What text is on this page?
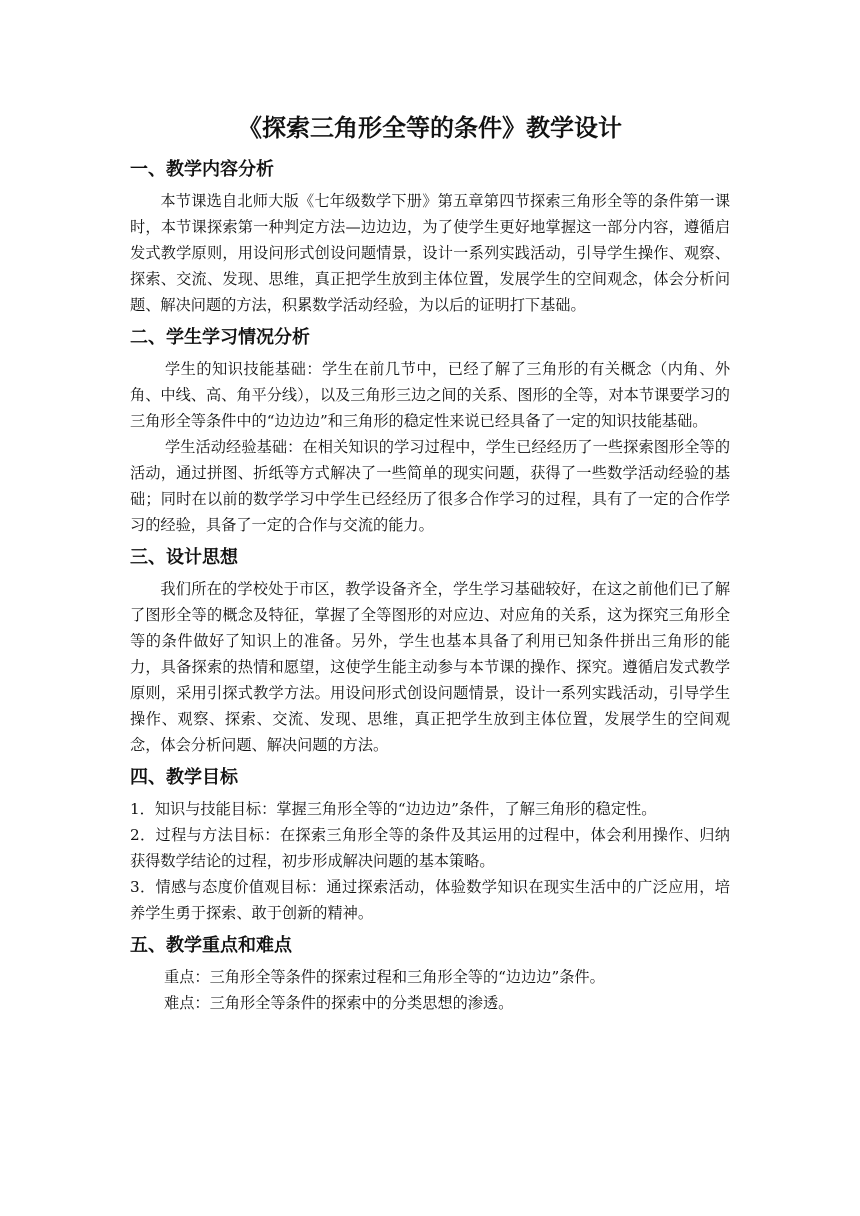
《探索三角形全等的条件》教学设计
一、教学内容分析

本节课选自北师大版《七年级数学下册》第五章第四节探索三角形全等的条件第一课时，本节课探索第一种判定方法—边边边，为了使学生更好地掌握这一部分内容，遵循启发式教学原则，用设问形式创设问题情景，设计一系列实践活动，引导学生操作、观察、探索、交流、发现、思维，真正把学生放到主体位置，发展学生的空间观念，体会分析问题、解决问题的方法，积累数学活动经验，为以后的证明打下基础。

二、学生学习情况分析

学生的知识技能基础：学生在前几节中，已经了解了三角形的有关概念（内角、外角、中线、高、角平分线），以及三角形三边之间的关系、图形的全等，对本节课要学习的三角形全等条件中的“边边边”和三角形的稳定性来说已经具备了一定的知识技能基础。

学生活动经验基础：在相关知识的学习过程中，学生已经经历了一些探索图形全等的活动，通过拼图、折纸等方式解决了一些简单的现实问题，获得了一些数学活动经验的基础；同时在以前的数学学习中学生已经经历了很多合作学习的过程，具有了一定的合作学习的经验，具备了一定的合作与交流的能力。

三、设计思想

我们所在的学校处于市区，教学设备齐全，学生学习基础较好，在这之前他们已了解了图形全等的概念及特征，掌握了全等图形的对应边、对应角的关系，这为探究三角形全等的条件做好了知识上的准备。另外，学生也基本具备了利用已知条件拼出三角形的能力，具备探索的热情和愿望，这使学生能主动参与本节课的操作、探究。遵循启发式教学原则，采用引探式教学方法。用设问形式创设问题情景，设计一系列实践活动，引导学生操作、观察、探索、交流、发现、思维，真正把学生放到主体位置，发展学生的空间观念，体会分析问题、解决问题的方法。

四、教学目标

1．知识与技能目标：掌握三角形全等的“边边边”条件，了解三角形的稳定性。

2．过程与方法目标：在探索三角形全等的条件及其运用的过程中，体会利用操作、归纳获得数学结论的过程，初步形成解决问题的基本策略。

3．情感与态度价值观目标：通过探索活动，体验数学知识在现实生活中的广泛应用，培养学生勇于探索、敢于创新的精神。

五、教学重点和难点

重点：三角形全等条件的探索过程和三角形全等的“边边边”条件。

难点：三角形全等条件的探索中的分类思想的渗透。
